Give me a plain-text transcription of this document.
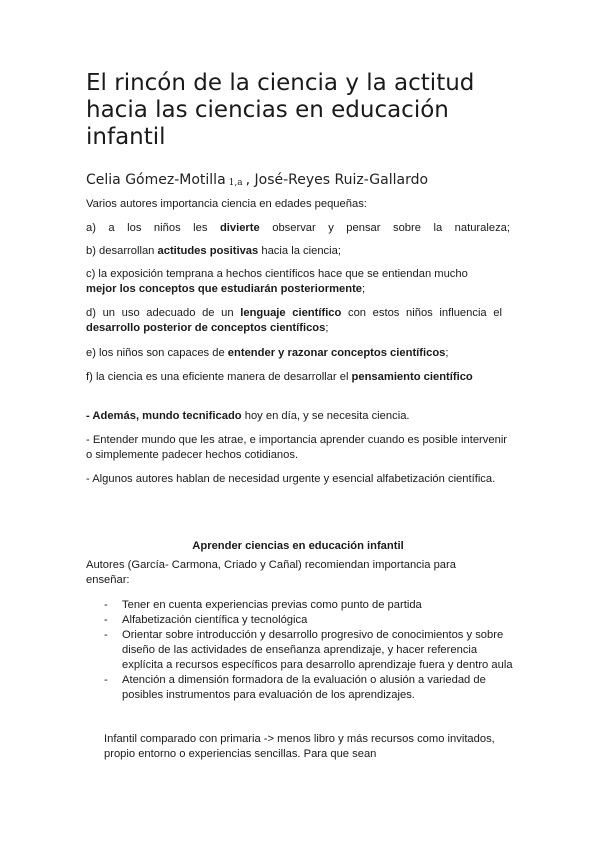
El rincón de la ciencia y la actitud hacia las ciencias en educación infantil
Celia Gómez-Motilla $^{1,a}$ , José-Reyes Ruiz-Gallardo

Varios autores importancia ciencia en edades pequeñas:

a) a los niños les divierte observar y pensar sobre la naturaleza;

b) desarrollan actitudes positivas hacia la ciencia;

c) la exposición temprana a hechos científicos hace que se entiendan mucho
mejor los conceptos que estudiarán posteriormente;

d) un uso adecuado de un lenguaje científico con estos niños influencia el desarrollo posterior de conceptos científicos;

e) los niños son capaces de entender y razonar conceptos científicos;

f) la ciencia es una eficiente manera de desarrollar el pensamiento científico

- Además, mundo tecnificado hoy en día, y se necesita ciencia.

- Entender mundo que les atrae, e importancia aprender cuando es posible intervenir o simplemente padecer hechos cotidianos.

- Algunos autores hablan de necesidad urgente y esencial alfabetización científica.

Aprender ciencias en educación infantil

Autores (García- Carmona, Criado y Cañal) recomiendan importancia para enseñar:

- Tener en cuenta experiencias previas como punto de partida
- Alfabetización científica y tecnológica
- Orientar sobre introducción y desarrollo progresivo de conocimientos y sobre diseño de las actividades de enseñanza aprendizaje, y hacer referencia explícita a recursos específicos para desarrollo aprendizaje fuera y dentro aula
- Atención a dimensión formadora de la evaluación o alusión a variedad de posibles instrumentos para evaluación de los aprendizajes.

Infantil comparado con primaria -> menos libro y más recursos como invitados, propio entorno o experiencias sencillas. Para que sean
